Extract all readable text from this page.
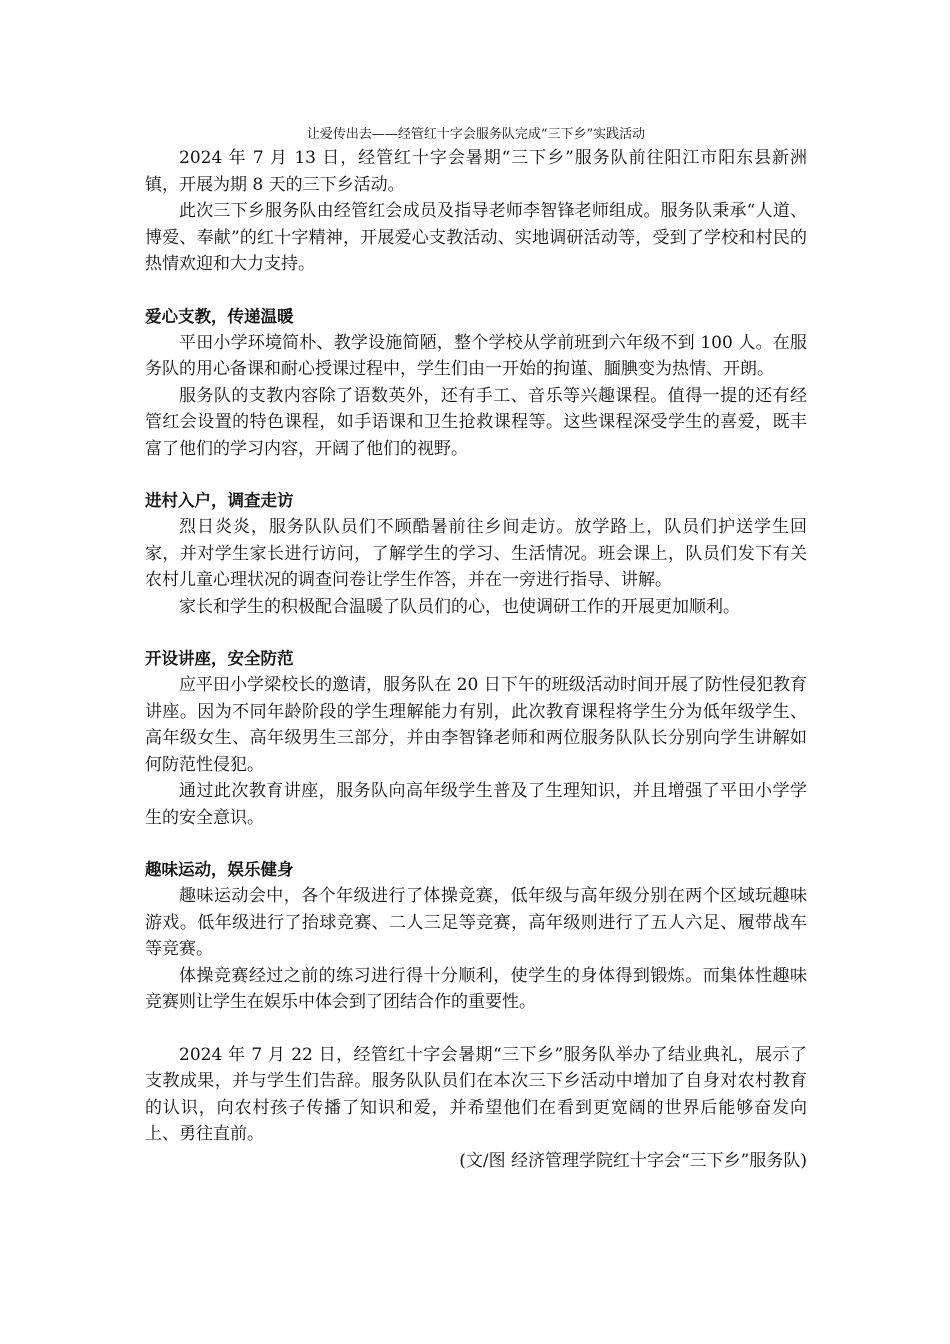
让爱传出去——经管红十字会服务队完成“三下乡”实践活动

2024 年 7 月 13 日，经管红十字会暑期“三下乡”服务队前往阳江市阳东县新洲镇，开展为期 8 天的三下乡活动。

此次三下乡服务队由经管红会成员及指导老师李智锋老师组成。服务队秉承“人道、博爱、奉献”的红十字精神，开展爱心支教活动、实地调研活动等，受到了学校和村民的热情欢迎和大力支持。

爱心支教，传递温暖

平田小学环境简朴、教学设施简陋，整个学校从学前班到六年级不到 100 人。在服务队的用心备课和耐心授课过程中，学生们由一开始的拘谨、腼腆变为热情、开朗。

服务队的支教内容除了语数英外，还有手工、音乐等兴趣课程。值得一提的还有经管红会设置的特色课程，如手语课和卫生抢救课程等。这些课程深受学生的喜爱，既丰富了他们的学习内容，开阔了他们的视野。

进村入户，调查走访

烈日炎炎，服务队队员们不顾酷暑前往乡间走访。放学路上，队员们护送学生回家，并对学生家长进行访问，了解学生的学习、生活情况。班会课上，队员们发下有关农村儿童心理状况的调查问卷让学生作答，并在一旁进行指导、讲解。

家长和学生的积极配合温暖了队员们的心，也使调研工作的开展更加顺利。

开设讲座，安全防范

应平田小学梁校长的邀请，服务队在 20 日下午的班级活动时间开展了防性侵犯教育讲座。因为不同年龄阶段的学生理解能力有别，此次教育课程将学生分为低年级学生、高年级女生、高年级男生三部分，并由李智锋老师和两位服务队队长分别向学生讲解如何防范性侵犯。

通过此次教育讲座，服务队向高年级学生普及了生理知识，并且增强了平田小学学生的安全意识。

趣味运动，娱乐健身

趣味运动会中，各个年级进行了体操竞赛，低年级与高年级分别在两个区域玩趣味游戏。低年级进行了抬球竞赛、二人三足等竞赛，高年级则进行了五人六足、履带战车等竞赛。

体操竞赛经过之前的练习进行得十分顺利，使学生的身体得到锻炼。而集体性趣味竞赛则让学生在娱乐中体会到了团结合作的重要性。

2024 年 7 月 22 日，经管红十字会暑期“三下乡”服务队举办了结业典礼，展示了支教成果，并与学生们告辞。服务队队员们在本次三下乡活动中增加了自身对农村教育的认识，向农村孩子传播了知识和爱，并希望他们在看到更宽阔的世界后能够奋发向上、勇往直前。

(文/图 经济管理学院红十字会“三下乡”服务队)
